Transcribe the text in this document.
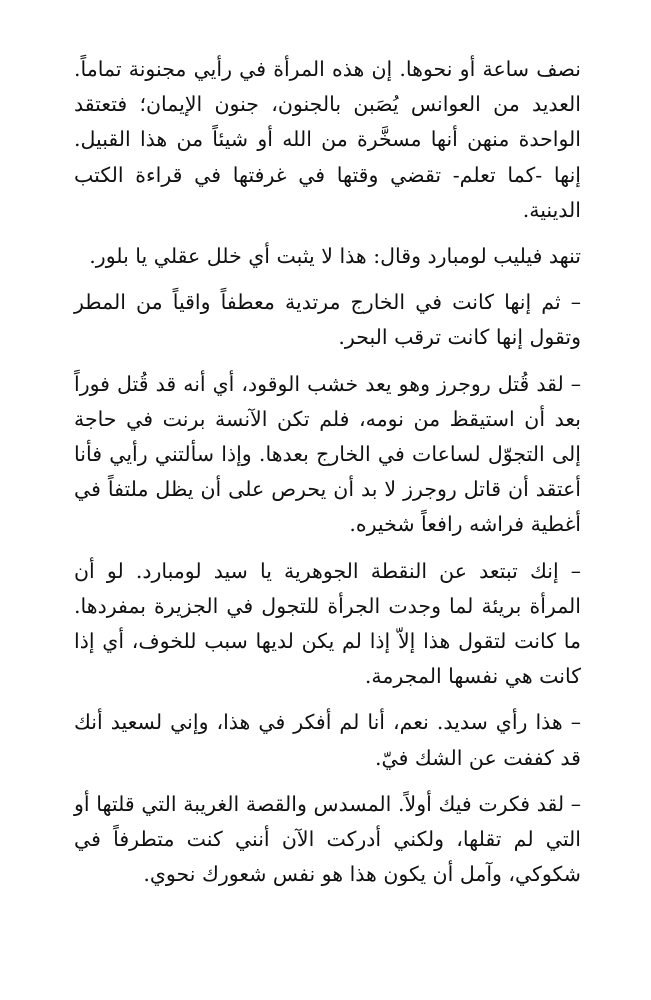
نصف ساعة أو نحوها. إن هذه المرأة في رأيي مجنونة تماماً. العديد من العوانس يُصَبن بالجنون، جنون الإيمان؛ فتعتقد الواحدة منهن أنها مسخَّرة من الله أو شيئاً من هذا القبيل. إنها -كما تعلم- تقضي وقتها في غرفتها في قراءة الكتب الدينية.

تنهد فيليب لومبارد وقال: هذا لا يثبت أي خلل عقلي يا بلور.

– ثم إنها كانت في الخارج مرتدية معطفاً واقياً من المطر وتقول إنها كانت ترقب البحر.

– لقد قُتل روجرز وهو يعد خشب الوقود، أي أنه قد قُتل فوراً بعد أن استيقظ من نومه، فلم تكن الآنسة برنت في حاجة إلى التجوّل لساعات في الخارج بعدها. وإذا سألتني رأيي فأنا أعتقد أن قاتل روجرز لا بد أن يحرص على أن يظل ملتفاً في أغطية فراشه رافعاً شخيره.

– إنك تبتعد عن النقطة الجوهرية يا سيد لومبارد. لو أن المرأة بريئة لما وجدت الجرأة للتجول في الجزيرة بمفردها. ما كانت لتقول هذا إلاّ إذا لم يكن لديها سبب للخوف، أي إذا كانت هي نفسها المجرمة.

– هذا رأي سديد. نعم، أنا لم أفكر في هذا، وإني لسعيد أنك قد كففت عن الشك فيّ.

– لقد فكرت فيك أولاً. المسدس والقصة الغريبة التي قلتها أو التي لم تقلها، ولكني أدركت الآن أنني كنت متطرفاً في شكوكي، وآمل أن يكون هذا هو نفس شعورك نحوي.
